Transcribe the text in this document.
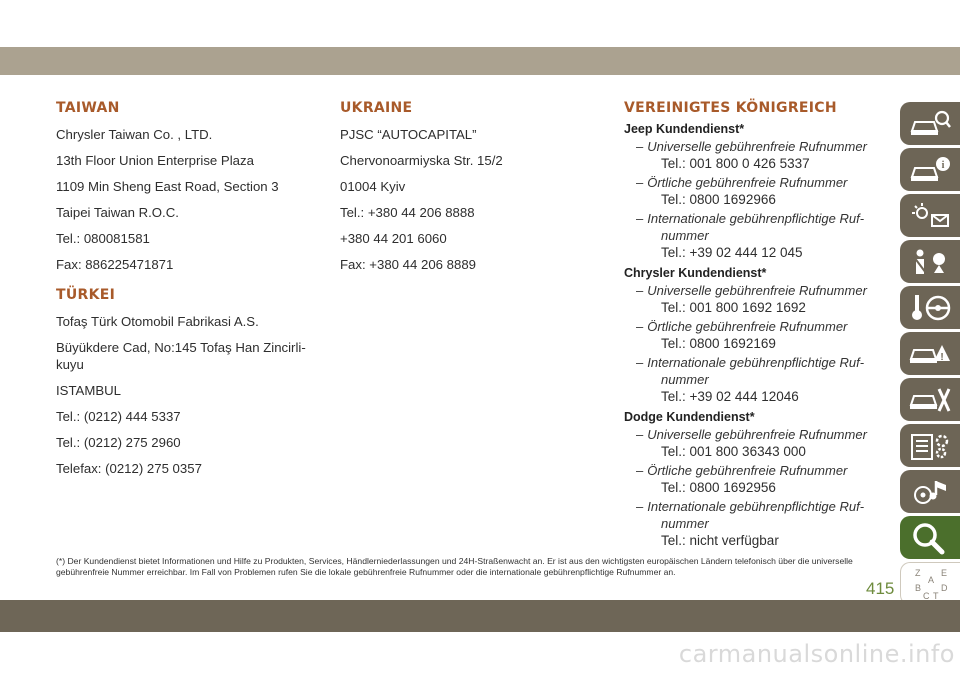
TAIWAN
Chrysler Taiwan Co. , LTD.
13th Floor Union Enterprise Plaza
1109 Min Sheng East Road, Section 3
Taipei Taiwan R.O.C.
Tel.: 080081581
Fax: 886225471871
TÜRKEI
Tofaş Türk Otomobil Fabrikasi A.S.
Büyükdere Cad, No:145 Tofaş Han Zincirli-kuyu
ISTAMBUL
Tel.: (0212) 444 5337
Tel.: (0212) 275 2960
Telefax: (0212) 275 0357
UKRAINE
PJSC “AUTOCAPITAL”
Chervonoarmiyska Str. 15/2
01004 Kyiv
Tel.: +380 44 206 8888
+380 44 201 6060
Fax: +380 44 206 8889
VEREINIGTES KÖNIGREICH
Jeep Kundendienst*
– Universelle gebührenfreie Rufnummer
Tel.: 001 800 0 426 5337
– Örtliche gebührenfreie Rufnummer
Tel.: 0800 1692966
– Internationale gebührenpflichtige Ruf-
nummer
Tel.: +39 02 444 12 045
Chrysler Kundendienst*
– Universelle gebührenfreie Rufnummer
Tel.: 001 800 1692 1692
– Örtliche gebührenfreie Rufnummer
Tel.: 0800 1692169
– Internationale gebührenpflichtige Ruf-
nummer
Tel.: +39 02 444 12046
Dodge Kundendienst*
– Universelle gebührenfreie Rufnummer
Tel.: 001 800 36343 000
– Örtliche gebührenfreie Rufnummer
Tel.: 0800 1692956
– Internationale gebührenpflichtige Ruf-
nummer
Tel.: nicht verfügbar
(*) Der Kundendienst bietet Informationen und Hilfe zu Produkten, Services, Händlerniederlassungen und 24H-Straßenwacht an. Er ist aus den wichtigsten europäischen Ländern telefonisch über die universelle gebührenfreie Nummer erreichbar. Im Fall von Problemen rufen Sie die lokale gebührenfreie Rufnummer oder die internationale gebührenpflichtige Rufnummer an.
415
i
!
Z E
A
B D
C T
carmanualsonline.info
